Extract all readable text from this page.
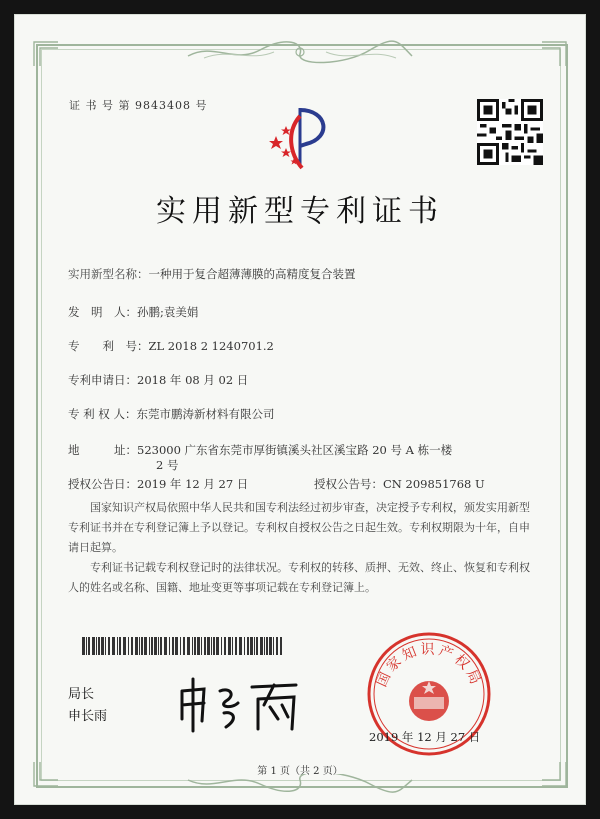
证 书 号 第 9843408 号
实用新型专利证书
实用新型名称：一种用于复合超薄薄膜的高精度复合装置
发　明　人：孙鹏;袁美娟
专　　利　号：ZL 2018 2 1240701.2
专利申请日：2018 年 08 月 02 日
专 利 权 人：东莞市鹏涛新材料有限公司
地　　　址：523000 广东省东莞市厚街镇溪头社区溪宝路 20 号 A 栋一楼
2 号
授权公告日：2019 年 12 月 27 日	授权公告号：CN 209851768 U
国家知识产权局依照中华人民共和国专利法经过初步审查，决定授予专利权，颁发实用新型专利证书并在专利登记簿上予以登记。专利权自授权公告之日起生效。专利权期限为十年，自申请日起算。
专利证书记载专利权登记时的法律状况。专利权的转移、质押、无效、终止、恢复和专利权人的姓名或名称、国籍、地址变更等事项记载在专利登记簿上。
局长
申长雨
国家知识产权局
2019 年 12 月 27 日
第 1 页（共 2 页）
